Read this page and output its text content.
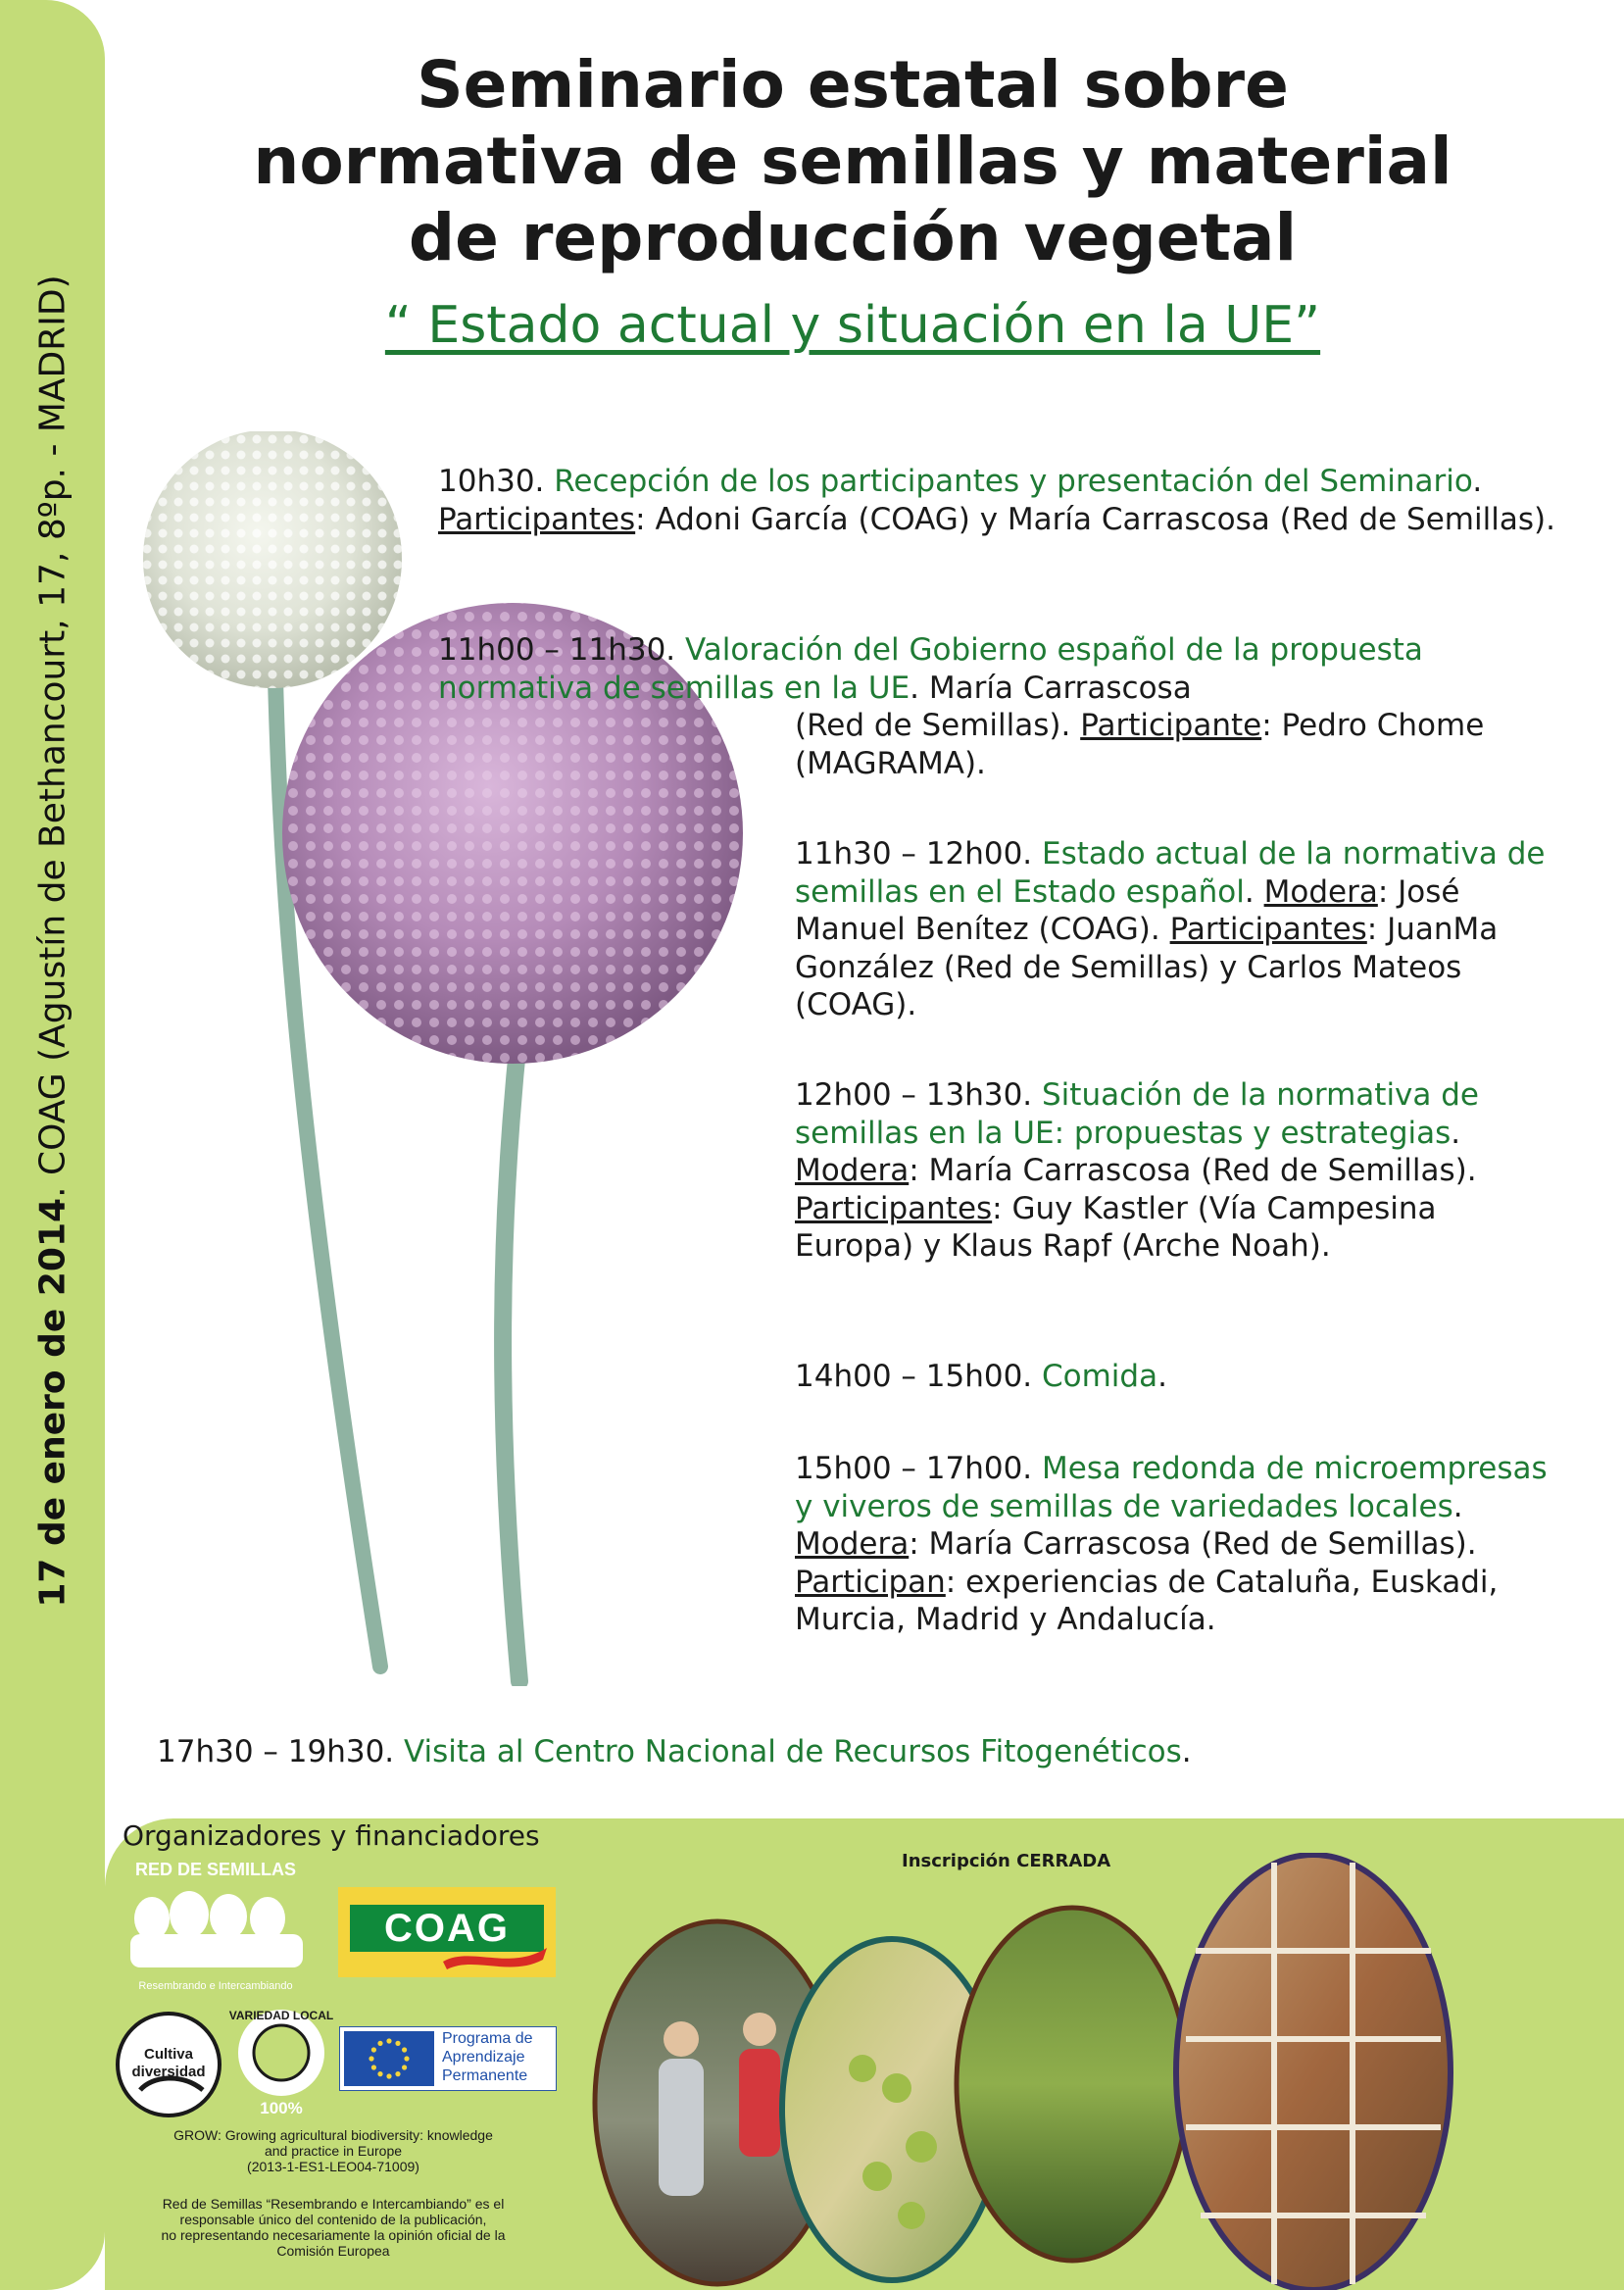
17 de enero de 2014. COAG (Agustín de Bethancourt, 17, 8ºp. - MADRID)
Seminario estatal sobre
normativa de semillas y material
de reproducción vegetal

“ Estado actual y situación en la UE”

10h30. Recepción de los participantes y presentación del Seminario. Participantes: Adoni García (COAG) y María Carrascosa (Red de Semillas).
11h00 – 11h30. Valoración del Gobierno español de la propuesta normativa de semillas en la UE. María Carrascosa
(Red de Semillas). Participante: Pedro Chome (MAGRAMA).
11h30 – 12h00. Estado actual de la normativa de semillas en el Estado español. Modera: José Manuel Benítez (COAG). Participantes: JuanMa González (Red de Semillas) y Carlos Mateos (COAG).
12h00 – 13h30. Situación de la normativa de semillas en la UE: propuestas y estrategias. Modera: María Carrascosa (Red de Semillas). Participantes: Guy Kastler (Vía Campesina Europa) y Klaus Rapf (Arche Noah).
14h00 – 15h00. Comida.
15h00 – 17h00. Mesa redonda de microempresas y viveros de semillas de variedades locales. Modera: María Carrascosa (Red de Semillas). Participan: experiencias de Cataluña, Euskadi, Murcia, Madrid y Andalucía.
17h30 – 19h30. Visita al Centro Nacional de Recursos Fitogenéticos.

Organizadores y financiadores

Inscripción CERRADA
RED DE SEMILLAS
Resembrando e Intercambiando
COAG
Cultiva
diversidad
VARIEDAD LOCAL
100%
Programa de
Aprendizaje
Permanente

GROW: Growing agricultural biodiversity: knowledge
and practice in Europe
(2013-1-ES1-LEO04-71009)

Red de Semillas “Resembrando e Intercambiando” es el
responsable único del contenido de la publicación,
no representando necesariamente la opinión oficial de la
Comisión Europea
